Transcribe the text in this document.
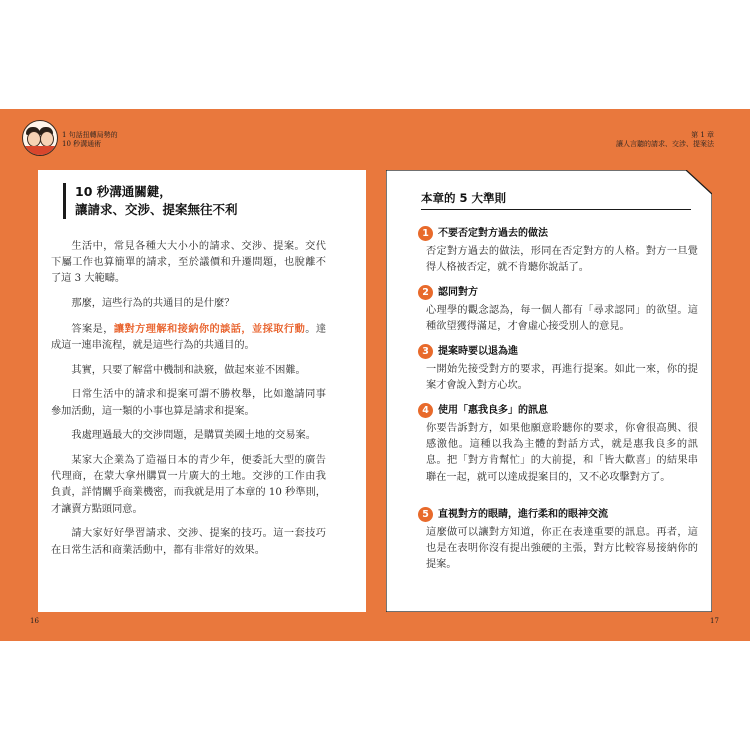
1 句話扭轉局勢的
10 秒溝通術
第 1 章
讓人言聽的請求、交涉、提案法
10 秒溝通關鍵，
讓請求、交涉、提案無往不利

生活中，常見各種大大小小的請求、交涉、提案。交代下屬工作也算簡單的請求，至於議價和升遷問題，也脫離不了這 3 大範疇。

那麼，這些行為的共通目的是什麼？

答案是，讓對方理解和接納你的談話，並採取行動。達成這一連串流程，就是這些行為的共通目的。

其實，只要了解當中機制和訣竅，做起來並不困難。

日常生活中的請求和提案可謂不勝枚舉，比如邀請同事參加活動，這一類的小事也算是請求和提案。

我處理過最大的交涉問題，是購買美國土地的交易案。

某家大企業為了造福日本的青少年，便委託大型的廣告代理商，在蒙大拿州購買一片廣大的土地。交涉的工作由我負責，詳情關乎商業機密，而我就是用了本章的 10 秒準則，才讓賣方點頭同意。

請大家好好學習請求、交涉、提案的技巧。這一套技巧在日常生活和商業活動中，都有非常好的效果。

16
本章的 5 大準則
1 不要否定對方過去的做法
否定對方過去的做法，形同在否定對方的人格。對方一旦覺得人格被否定，就不肯聽你說話了。
2 認同對方
心理學的觀念認為，每一個人都有「尋求認同」的欲望。這種欲望獲得滿足，才會虛心接受別人的意見。
3 提案時要以退為進
一開始先接受對方的要求，再進行提案。如此一來，你的提案才會說入對方心坎。
4 使用「惠我良多」的訊息
你要告訴對方，如果他願意聆聽你的要求，你會很高興、很感激他。這種以我為主體的對話方式，就是惠我良多的訊息。把「對方肯幫忙」的大前提，和「皆大歡喜」的結果串聯在一起，就可以達成提案目的，又不必攻擊對方了。
5 直視對方的眼睛，進行柔和的眼神交流
這麼做可以讓對方知道，你正在表達重要的訊息。再者，這也是在表明你沒有提出強硬的主張，對方比較容易接納你的提案。
17
